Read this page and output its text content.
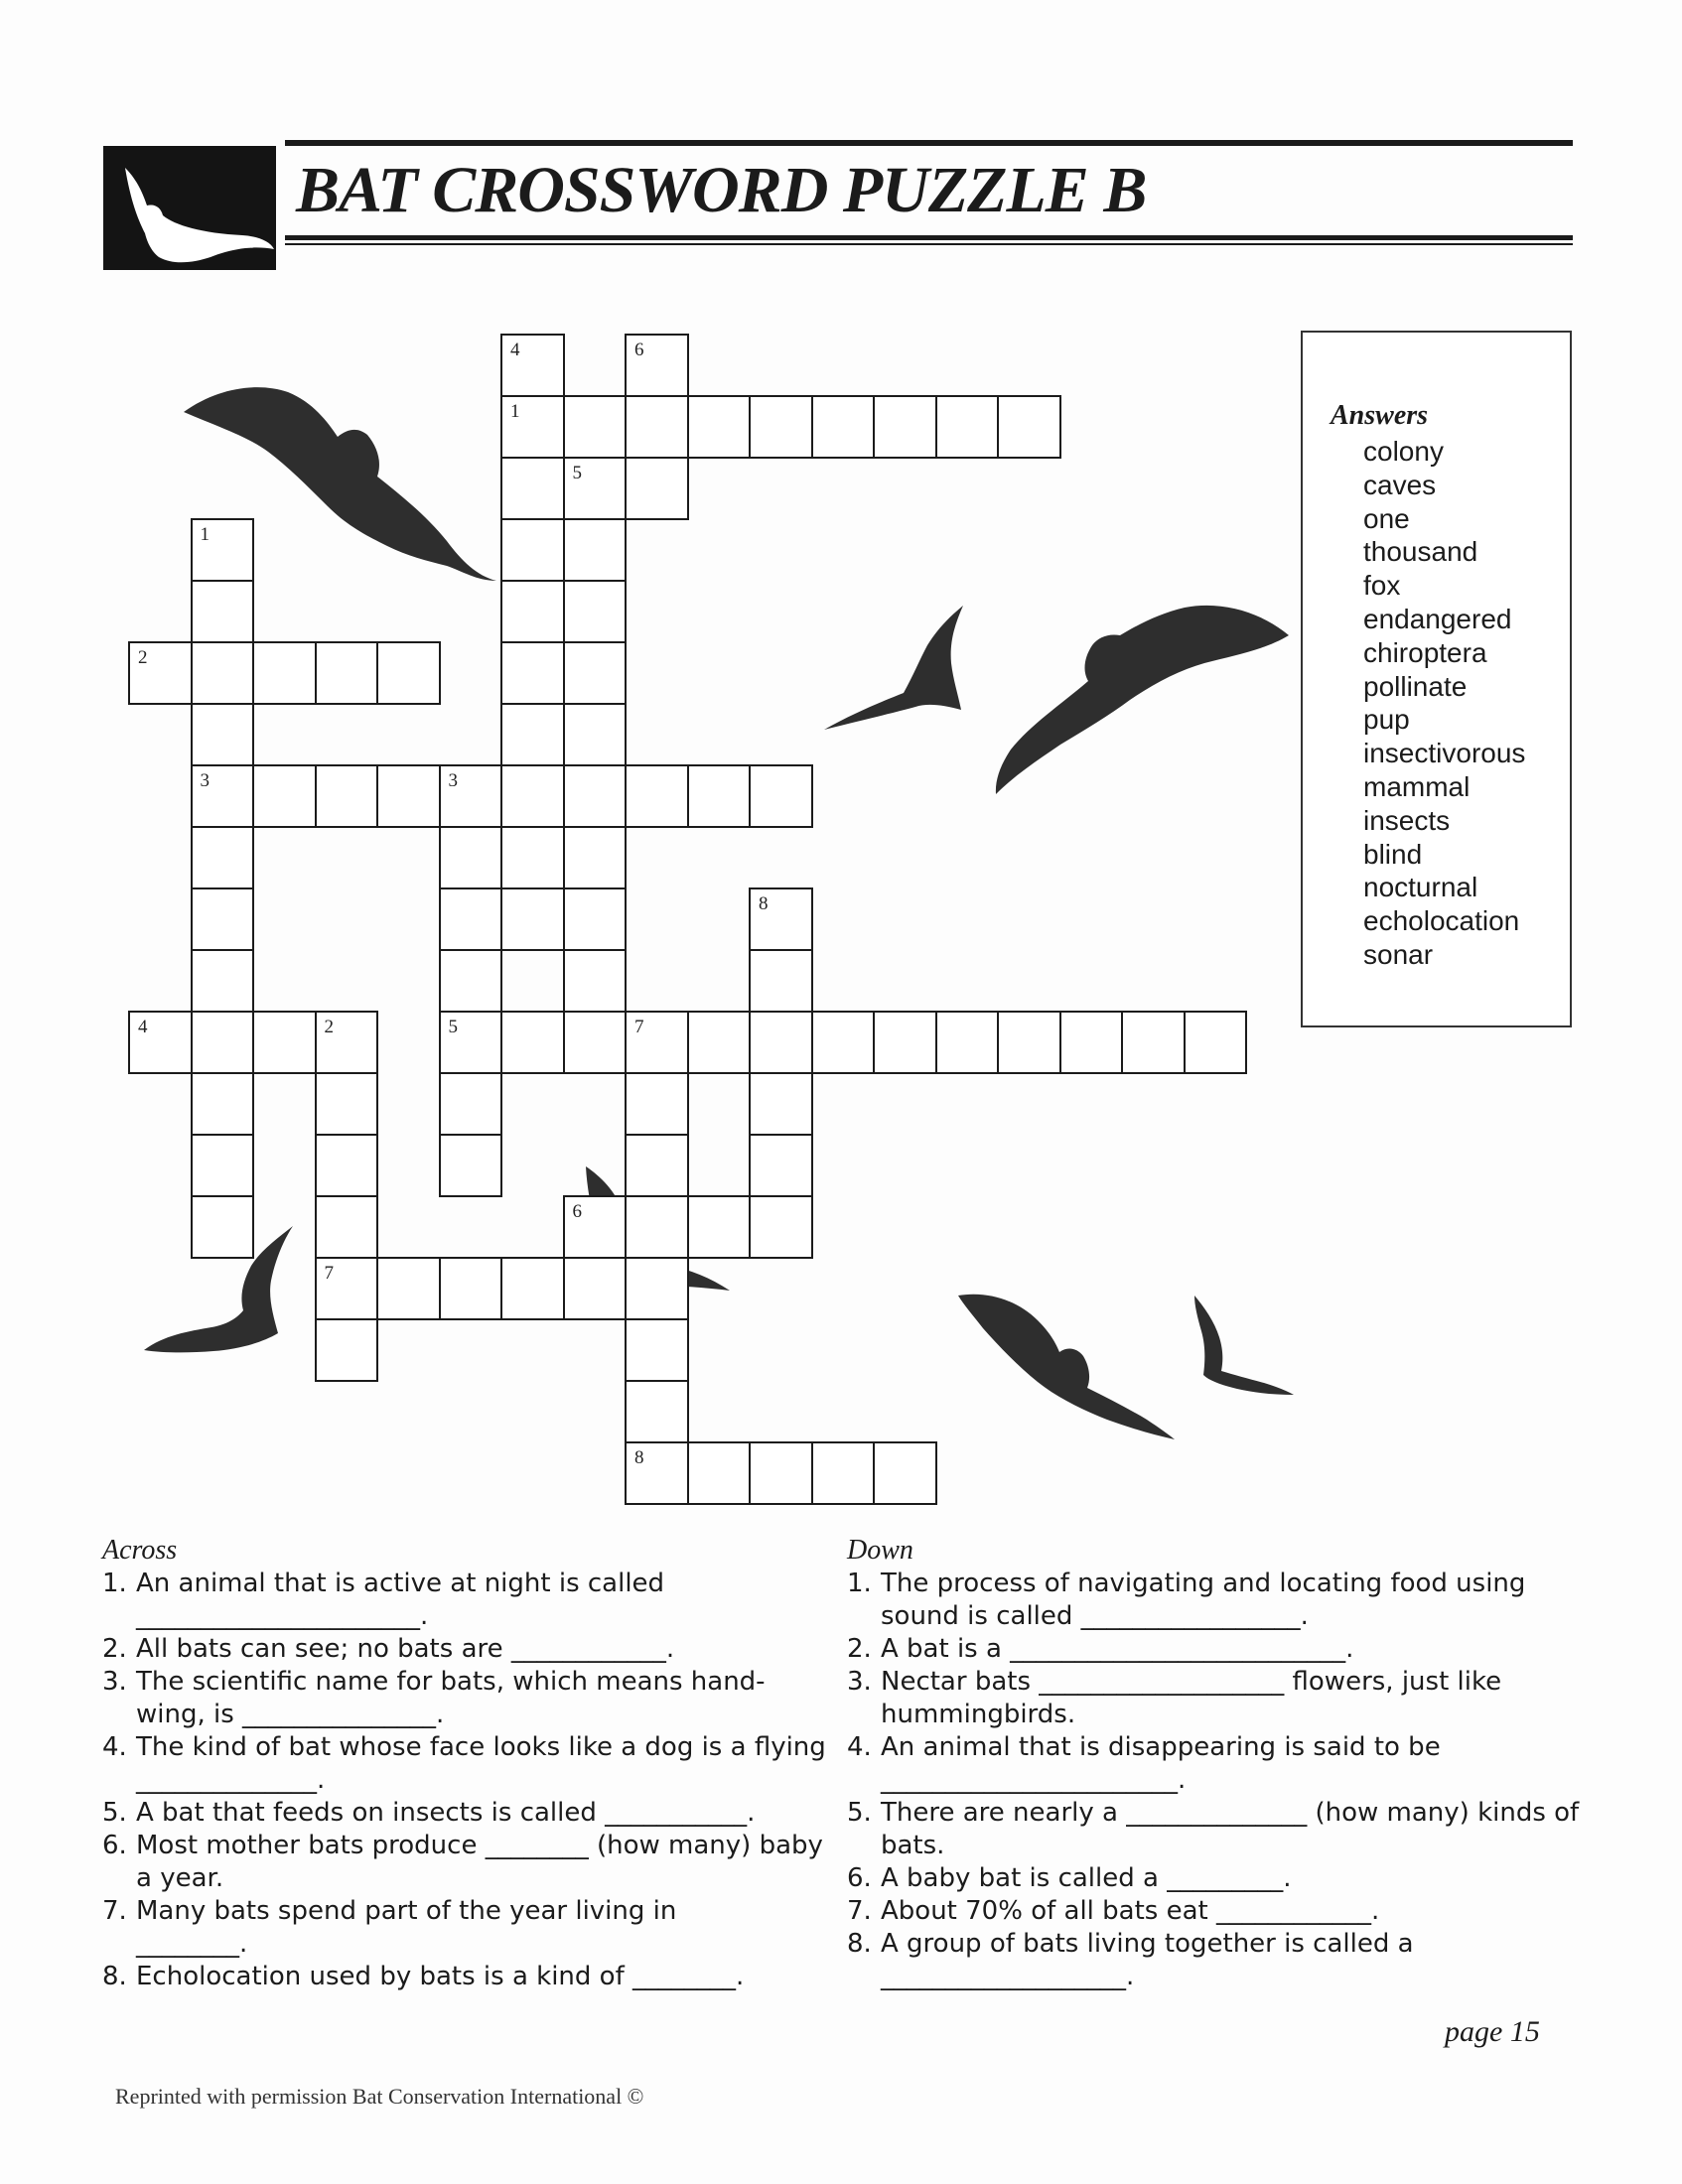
BAT CROSSWORD PUZZLE B
1
2
3	3
4	5	7
6
7
8
1
2
4
5
6
8
Answers
colony
caves
one
thousand
fox
endangered
chiroptera
pollinate
pup
insectivorous
mammal
insects
blind
nocturnal
echolocation
sonar
Across
1. An animal that is active at night is called
______________________.
2. All bats can see; no bats are ____________.
3. The scientific name for bats, which means hand-wing, is _______________.
4. The kind of bat whose face looks like a dog is a flying ______________.
5. A bat that feeds on insects is called ___________.
6. Most mother bats produce ________ (how many) baby a year.
7. Many bats spend part of the year living in
________.
8. Echolocation used by bats is a kind of ________.
Down
1. The process of navigating and locating food using sound is called _________________.
2. A bat is a __________________________.
3. Nectar bats ___________________ flowers, just like hummingbirds.
4. An animal that is disappearing is said to be
_______________________.
5. There are nearly a ______________ (how many) kinds of bats.
6. A baby bat is called a _________.
7. About 70% of all bats eat ____________.
8. A group of bats living together is called a
___________________.
page 15
Reprinted with permission Bat Conservation International ©
